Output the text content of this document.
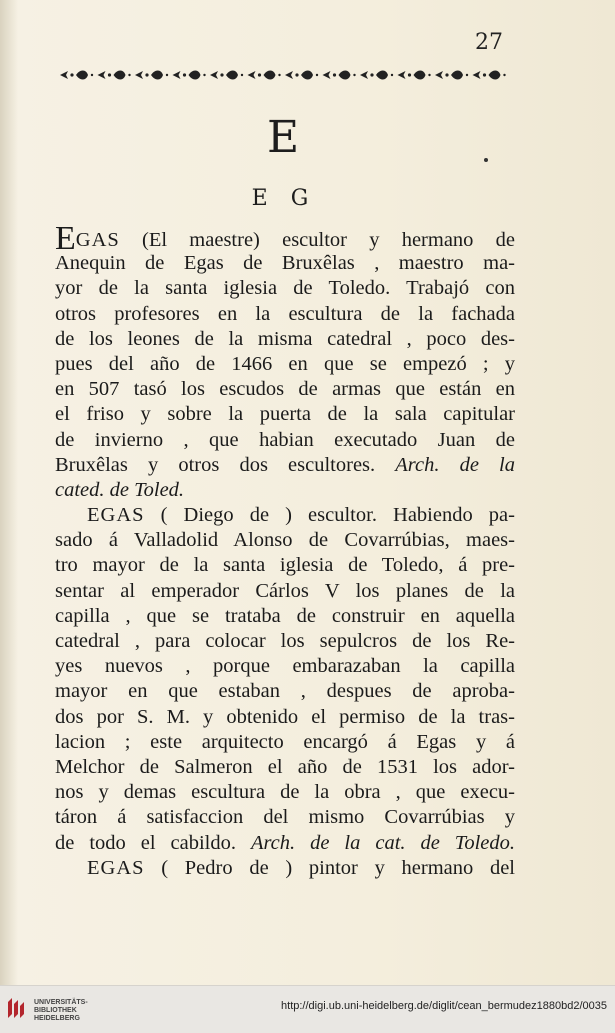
27
E
E G
EGAS (El maestre) escultor y hermano de
Anequin de Egas de Bruxêlas , maestro ma-
yor de la santa iglesia de Toledo. Trabajó con
otros profesores en la escultura de la fachada
de los leones de la misma catedral , poco des-
pues del año de 1466 en que se empezó ; y
en 507 tasó los escudos de armas que están en
el friso y sobre la puerta de la sala capitular
de invierno , que habian executado Juan de
Bruxêlas y otros dos escultores. Arch. de la
cated. de Toled.
EGAS ( Diego de ) escultor. Habiendo pa-
sado á Valladolid Alonso de Covarrúbias, maes-
tro mayor de la santa iglesia de Toledo, á pre-
sentar al emperador Cárlos V los planes de la
capilla , que se trataba de construir en aquella
catedral , para colocar los sepulcros de los Re-
yes nuevos , porque embarazaban la capilla
mayor en que estaban , despues de aproba-
dos por S. M. y obtenido el permiso de la tras-
lacion ; este arquitecto encargó á Egas y á
Melchor de Salmeron el año de 1531 los ador-
nos y demas escultura de la obra , que execu-
táron á satisfaccion del mismo Covarrúbias y
de todo el cabildo. Arch. de la cat. de Toledo.
EGAS ( Pedro de ) pintor y hermano del
UNIVERSITÄTS-
BIBLIOTHEK
HEIDELBERG
http://digi.ub.uni-heidelberg.de/diglit/cean_bermudez1880bd2/0035
